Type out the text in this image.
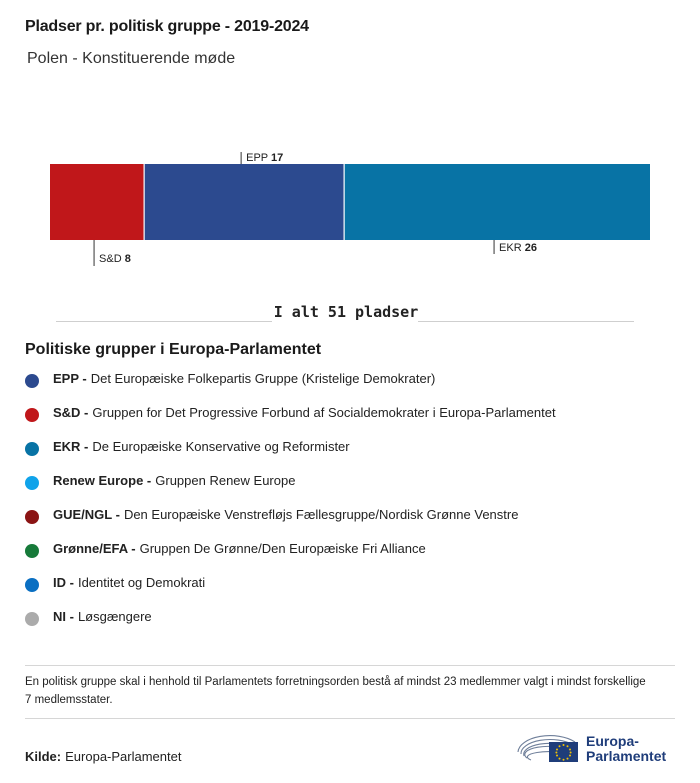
Pladser pr. politisk gruppe - 2019-2024
Polen - Konstituerende møde
S&D 8
EPP 17
EKR 26
I alt 51 pladser
Politiske grupper i Europa-Parlamentet
EPP - Det Europæiske Folkepartis Gruppe (Kristelige Demokrater)
S&D - Gruppen for Det Progressive Forbund af Socialdemokrater i Europa-Parlamentet
EKR - De Europæiske Konservative og Reformister
Renew Europe - Gruppen Renew Europe
GUE/NGL - Den Europæiske Venstrefløjs Fællesgruppe/Nordisk Grønne Venstre
Grønne/EFA - Gruppen De Grønne/Den Europæiske Fri Alliance
ID - Identitet og Demokrati
NI - Løsgængere
En politisk gruppe skal i henhold til Parlamentets forretningsorden bestå af mindst 23 medlemmer valgt i mindst forskellige 7 medlemsstater.
Kilde: Europa-Parlamentet
Europa-
Parlamentet
